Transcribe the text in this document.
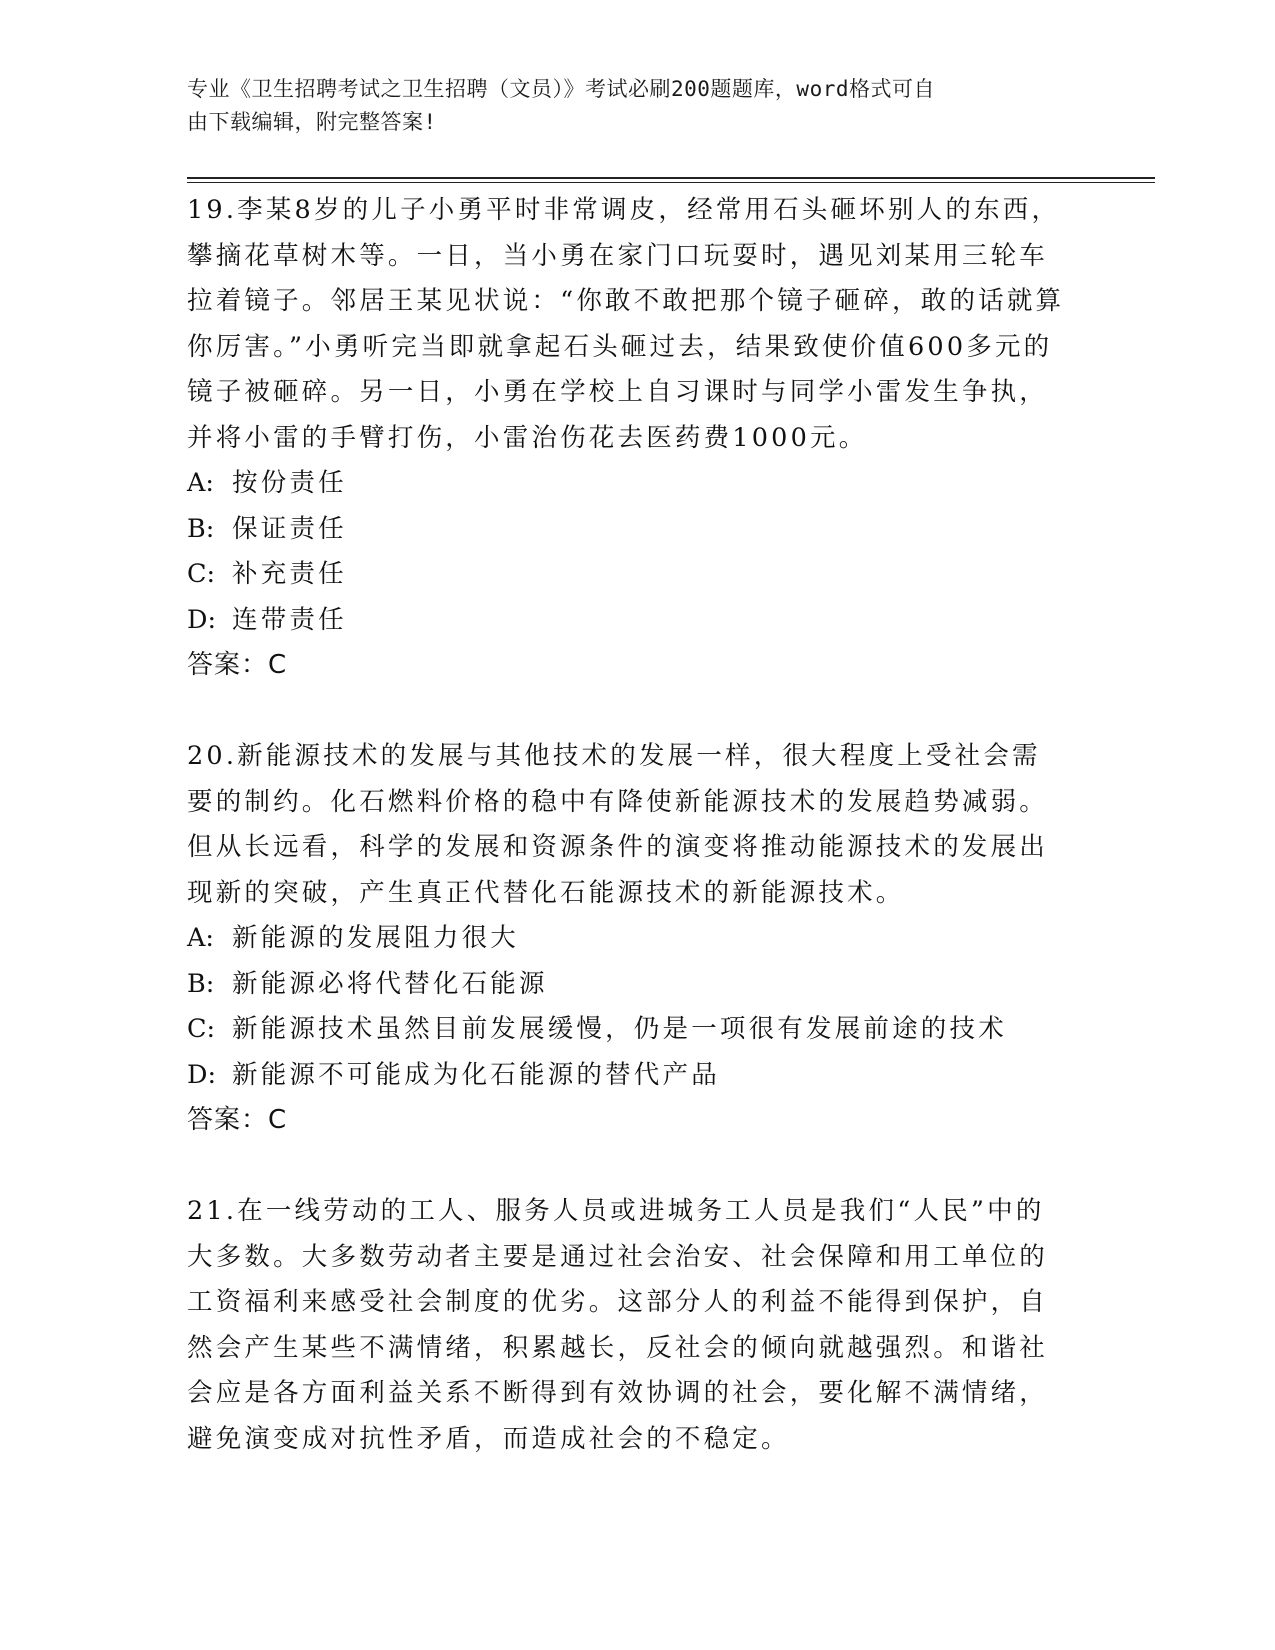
专业《卫生招聘考试之卫生招聘（文员）》考试必刷200题题库，word格式可自
由下载编辑，附完整答案!

19.李某8岁的儿子小勇平时非常调皮，经常用石头砸坏别人的东西，攀摘花草树木等。一日，当小勇在家门口玩耍时，遇见刘某用三轮车拉着镜子。邻居王某见状说：“你敢不敢把那个镜子砸碎，敢的话就算你厉害。”小勇听完当即就拿起石头砸过去，结果致使价值600多元的镜子被砸碎。另一日，小勇在学校上自习课时与同学小雷发生争执，并将小雷的手臂打伤，小雷治伤花去医药费1000元。

A: 按份责任

B: 保证责任

C: 补充责任

D: 连带责任

答案：C

20.新能源技术的发展与其他技术的发展一样，很大程度上受社会需要的制约。化石燃料价格的稳中有降使新能源技术的发展趋势减弱。但从长远看，科学的发展和资源条件的演变将推动能源技术的发展出现新的突破，产生真正代替化石能源技术的新能源技术。

A: 新能源的发展阻力很大

B: 新能源必将代替化石能源

C: 新能源技术虽然目前发展缓慢，仍是一项很有发展前途的技术

D: 新能源不可能成为化石能源的替代产品

答案：C

21.在一线劳动的工人、服务人员或进城务工人员是我们“人民”中的大多数。大多数劳动者主要是通过社会治安、社会保障和用工单位的工资福利来感受社会制度的优劣。这部分人的利益不能得到保护，自然会产生某些不满情绪，积累越长，反社会的倾向就越强烈。和谐社会应是各方面利益关系不断得到有效协调的社会，要化解不满情绪，避免演变成对抗性矛盾，而造成社会的不稳定。
